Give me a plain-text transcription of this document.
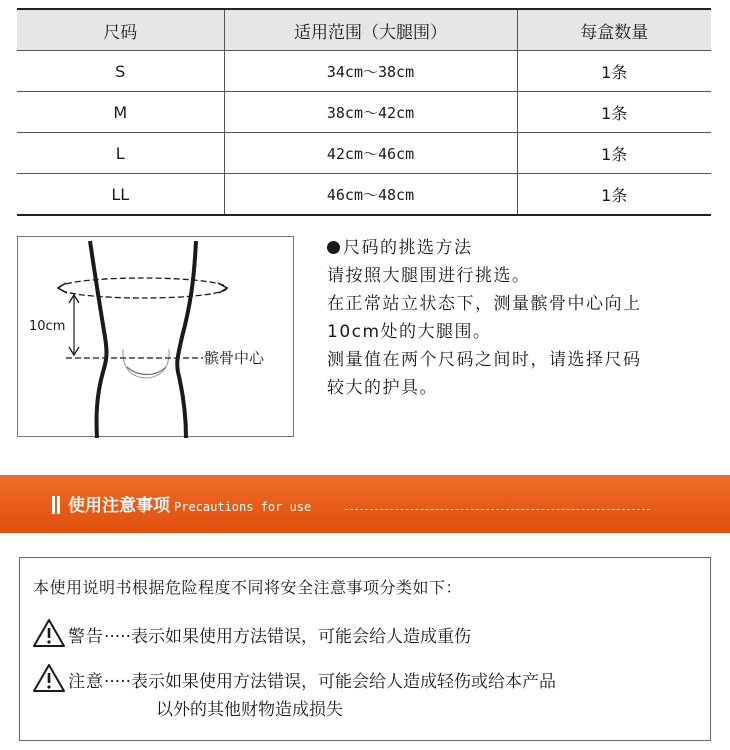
尺码	适用范围（大腿围）	每盒数量
S	34cm～38cm	1条
M	38cm～42cm	1条
L	42cm～46cm	1条
LL	46cm～48cm	1条
10cm
髌骨中心
尺码的挑选方法
请按照大腿围进行挑选。
在正常站立状态下，测量髌骨中心向上
10cm处的大腿围。
测量值在两个尺码之间时，请选择尺码
较大的护具。
使用注意事项 Precautions for use
本使用说明书根据危险程度不同将安全注意事项分类如下：
警告·····表示如果使用方法错误，可能会给人造成重伤
注意·····表示如果使用方法错误，可能会给人造成轻伤或给本产品
以外的其他财物造成损失
